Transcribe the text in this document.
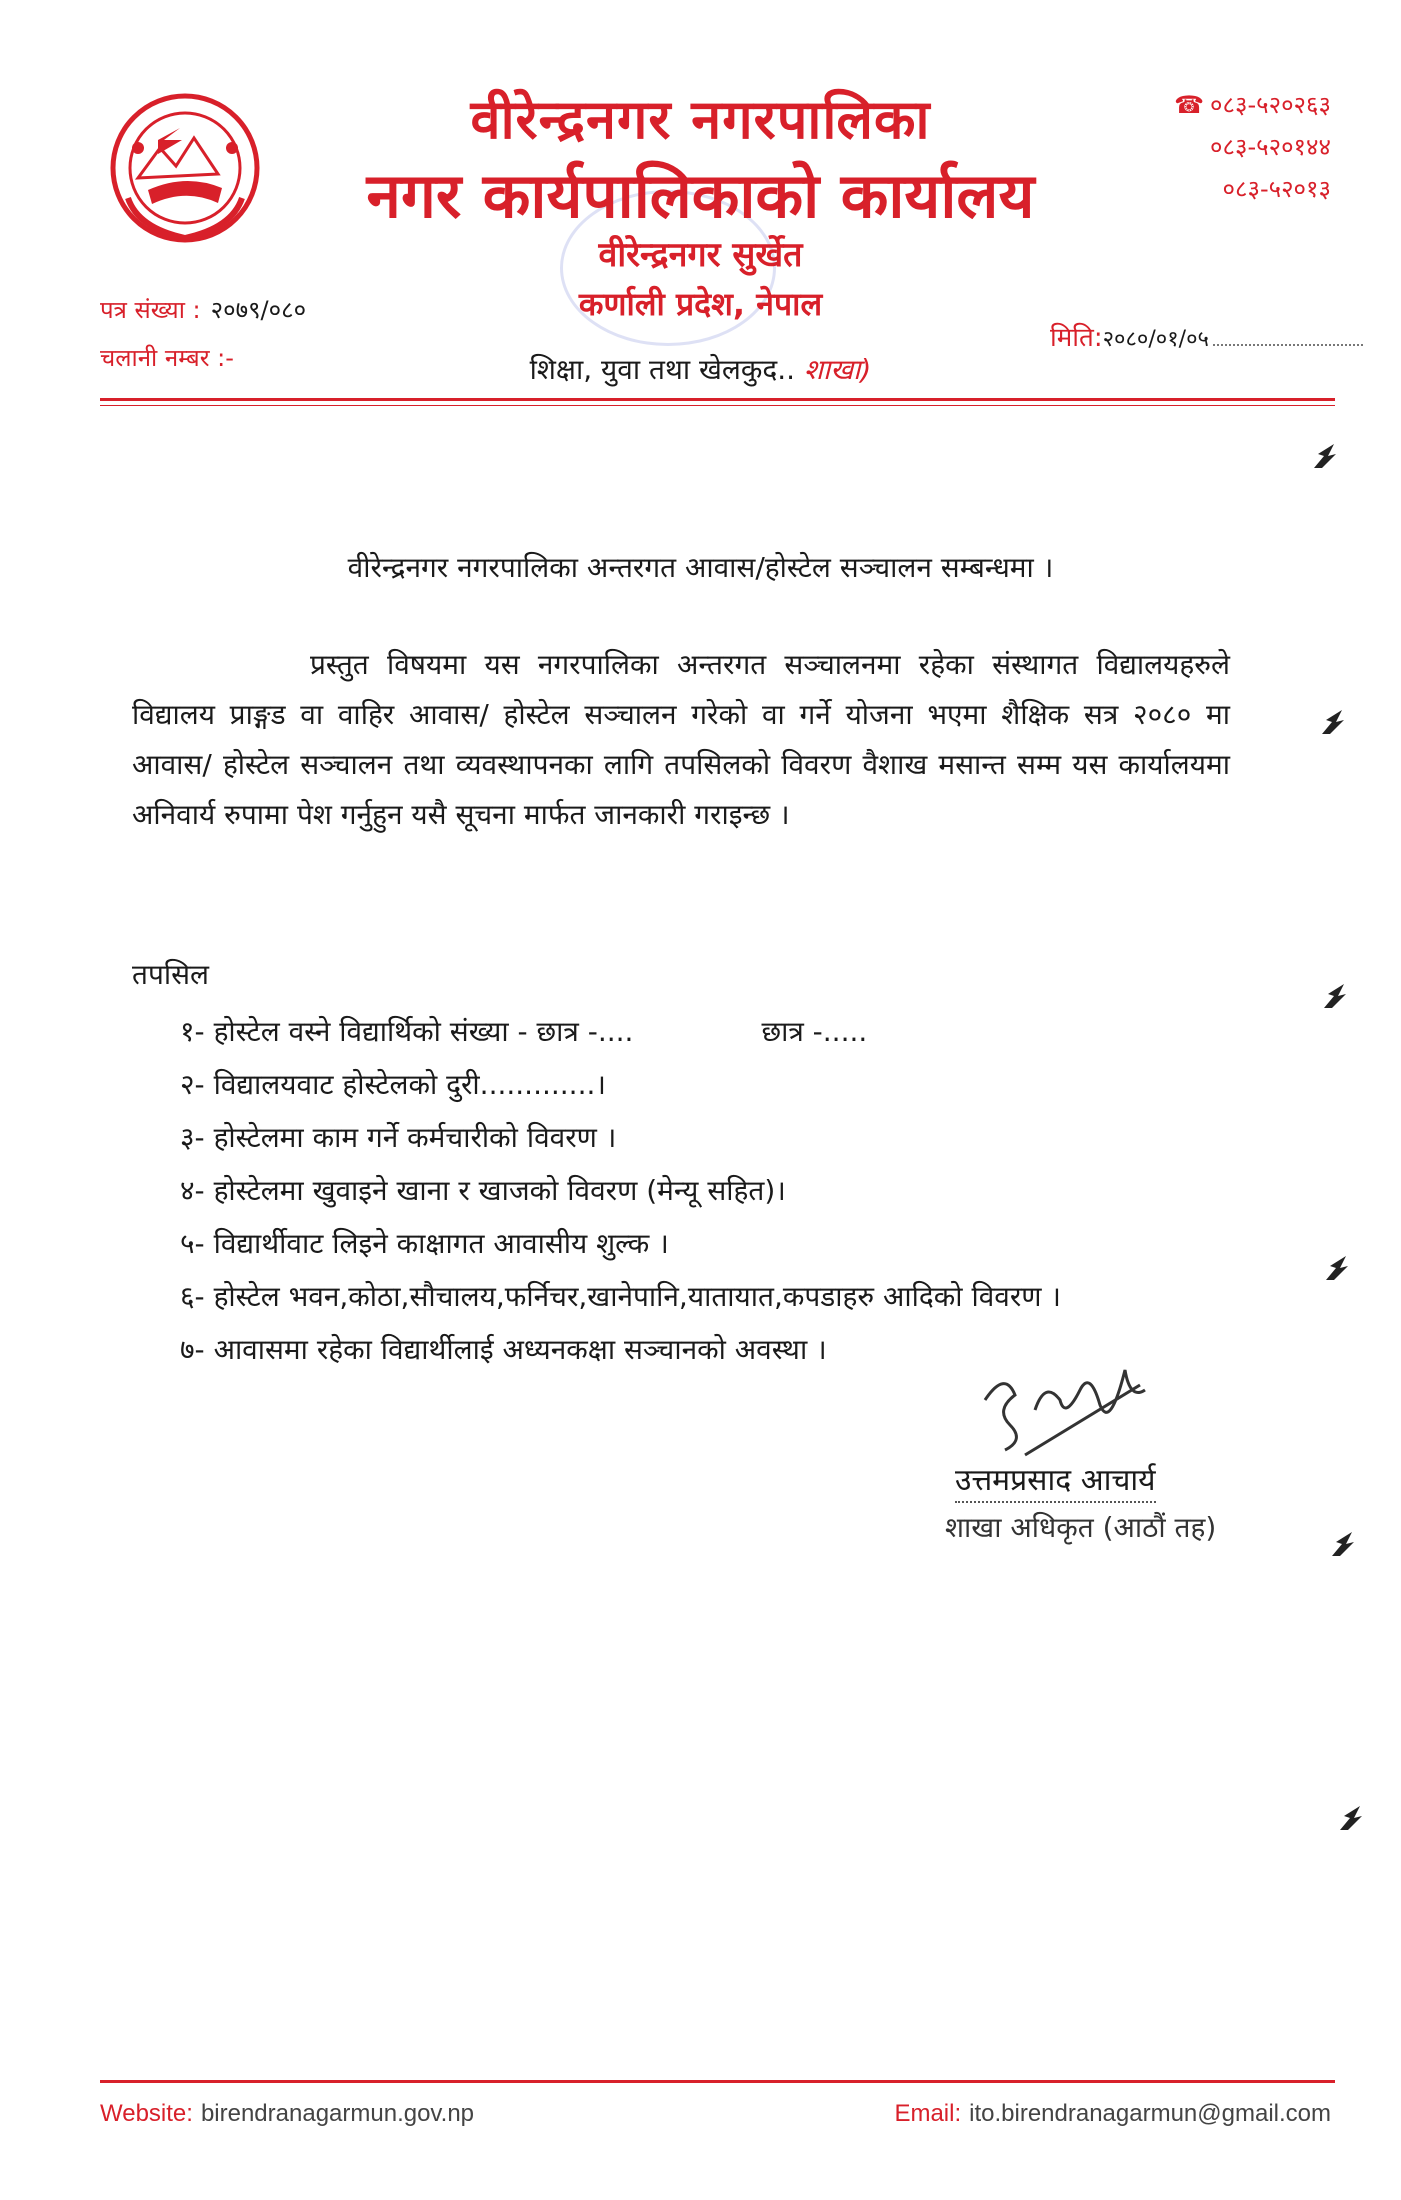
वीरेन्द्रनगर नगरपालिका
नगर कार्यपालिकाको कार्यालय
वीरेन्द्रनगर सुर्खेत
कर्णाली प्रदेश, नेपाल
☎ ०८३-५२०२६३
०८३-५२०१४४
०८३-५२०१३
पत्र संख्या : २०७९/०८०
चलानी नम्बर :-
मिति:२०८०/०१/०५
शिक्षा, युवा तथा खेलकुद.. शाखा)
वीरेन्द्रनगर नगरपालिका अन्तरगत आवास/होस्टेल सञ्चालन सम्बन्धमा ।
प्रस्तुत विषयमा यस नगरपालिका अन्तरगत सञ्चालनमा रहेका संस्थागत विद्यालयहरुले विद्यालय प्राङ्गड वा वाहिर आवास/ होस्टेल सञ्चालन गरेको वा गर्ने योजना भएमा शैक्षिक सत्र २०८० मा आवास/ होस्टेल सञ्चालन तथा व्यवस्थापनका लागि तपसिलको विवरण वैशाख मसान्त सम्म यस कार्यालयमा अनिवार्य रुपामा पेश गर्नुहुन यसै सूचना मार्फत जानकारी गराइन्छ ।
तपसिल
१- होस्टेल वस्ने विद्यार्थिको संख्या - छात्र -....	छात्र -.....
२- विद्यालयवाट होस्टेलको दुरी.............।
३- होस्टेलमा काम गर्ने कर्मचारीको विवरण ।
४- होस्टेलमा खुवाइने खाना र खाजको विवरण (मेन्यू सहित)।
५- विद्यार्थीवाट लिइने काक्षागत आवासीय शुल्क ।
६- होस्टेल भवन,कोठा,सौचालय,फर्निचर,खानेपानि,यातायात,कपडाहरु आदिको विवरण ।
७- आवासमा रहेका विद्यार्थीलाई अध्यनकक्षा सञ्चानको अवस्था ।
उत्तमप्रसाद आचार्य
शाखा अधिकृत (आठौं तह)
Website: birendranagarmun.gov.np	Email: ito.birendranagarmun@gmail.com
